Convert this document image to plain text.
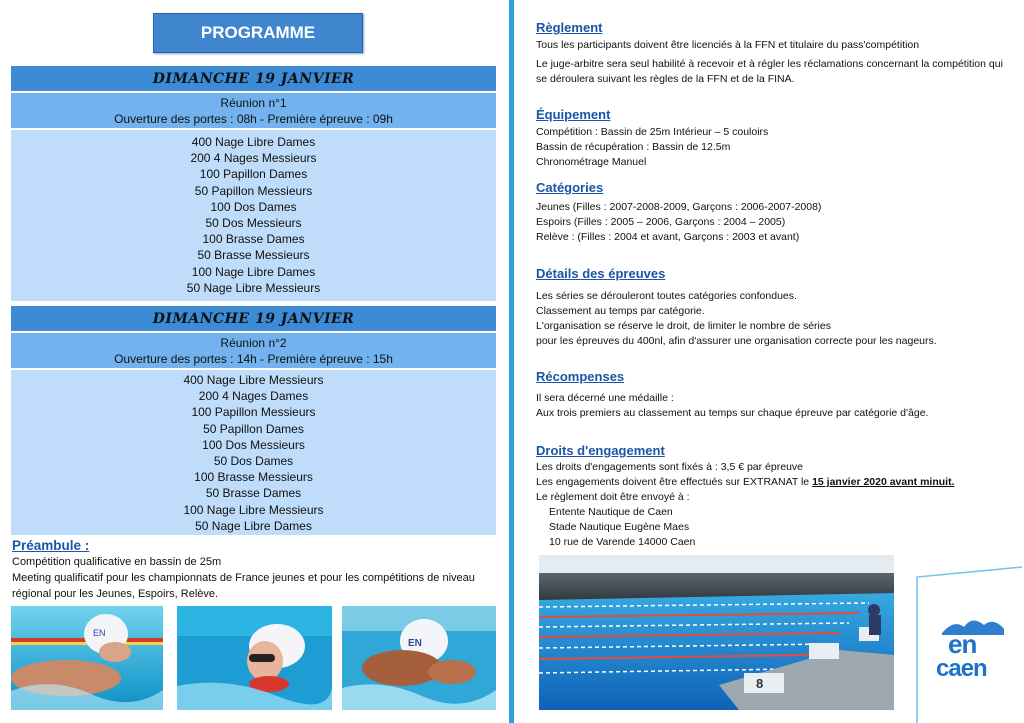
PROGRAMME
DIMANCHE 19 JANVIER
Réunion n°1
Ouverture des portes : 08h - Première épreuve : 09h
400 Nage Libre Dames
200 4 Nages Messieurs
100 Papillon Dames
50 Papillon Messieurs
100 Dos Dames
50 Dos Messieurs
100 Brasse Dames
50 Brasse Messieurs
100 Nage Libre Dames
50 Nage Libre Messieurs
DIMANCHE 19 JANVIER
Réunion n°2
Ouverture des portes : 14h - Première épreuve : 15h
400 Nage Libre Messieurs
200 4 Nages Dames
100 Papillon Messieurs
50 Papillon Dames
100 Dos Messieurs
50 Dos Dames
100 Brasse Messieurs
50 Brasse Dames
100 Nage Libre Messieurs
50 Nage Libre Dames
Préambule :
Compétition qualificative en bassin de 25m
Meeting qualificatif pour les championnats de France jeunes et pour les compétitions de niveau régional pour les Jeunes, Espoirs, Relève.
EN
EN
Règlement
Tous les participants doivent être licenciés à la FFN et titulaire du pass'compétition
Le juge-arbitre sera seul habilité à recevoir et à régler les réclamations concernant la compétition qui se déroulera suivant les règles de la FFN et de la FINA.
Équipement
Compétition : Bassin de 25m Intérieur – 5 couloirs
Bassin de récupération : Bassin de 12.5m
Chronométrage Manuel
Catégories
Jeunes (Filles : 2007-2008-2009, Garçons : 2006-2007-2008)
Espoirs (Filles : 2005 – 2006, Garçons : 2004 – 2005)
Relève : (Filles : 2004 et avant, Garçons : 2003 et avant)
Détails des épreuves
Les séries se dérouleront toutes catégories confondues.
Classement au temps par catégorie.
L'organisation se réserve le droit, de limiter le nombre de séries
pour les épreuves du 400nl, afin d'assurer une organisation correcte pour les nageurs.
Récompenses
Il sera décerné une médaille :
Aux trois premiers au classement au temps sur chaque épreuve par catégorie d'âge.
Droits d'engagement
Les droits d'engagements sont fixés à : 3,5 € par épreuve
Les engagements doivent être effectués sur EXTRANAT le 15 janvier 2020 avant minuit.
Le règlement doit être envoyé à :
Entente Nautique de Caen
Stade Nautique Eugène Maes
10 rue de Varende 14000 Caen
8
en
caen
